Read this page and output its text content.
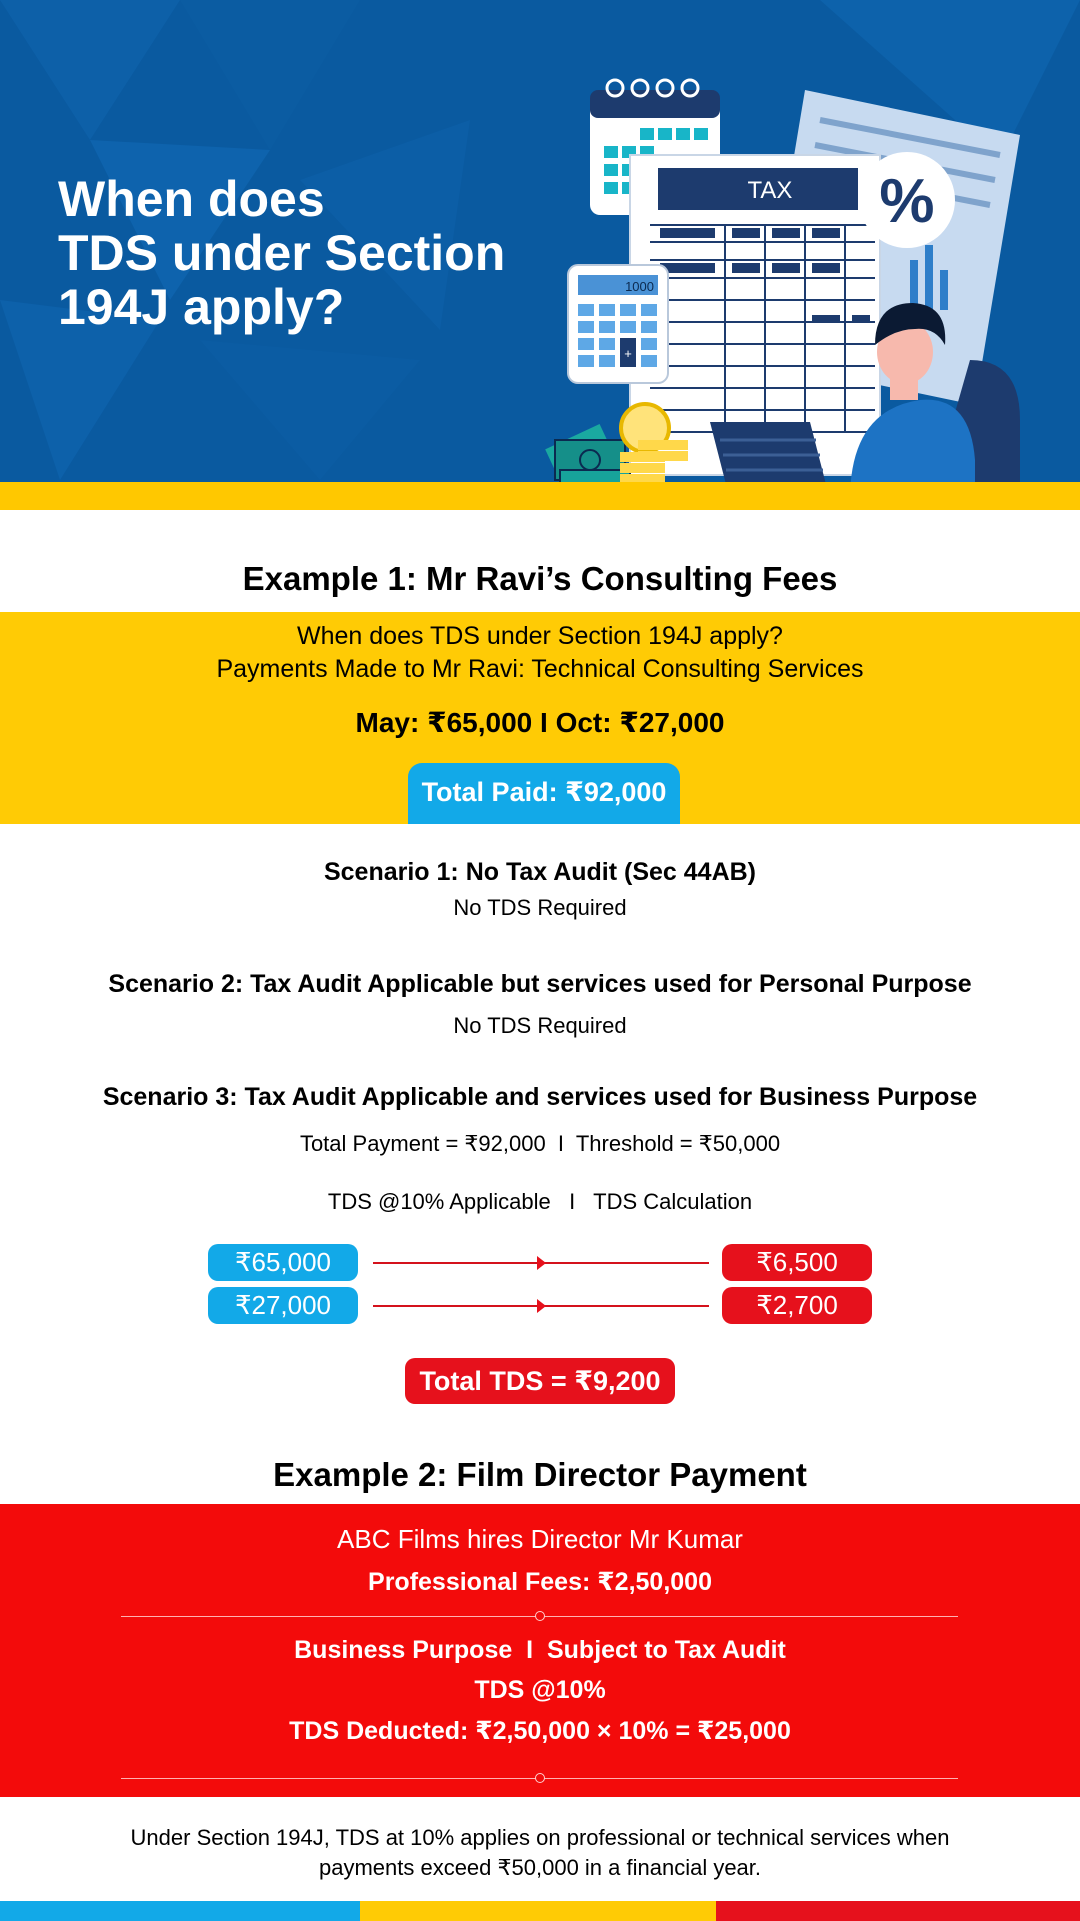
When does
TDS under Section
194J apply?
TAX %
1000
+
Example 1: Mr Ravi’s Consulting Fees
When does TDS under Section 194J apply?
Payments Made to Mr Ravi: Technical Consulting Services
May: ₹65,000 I Oct: ₹27,000
Total Paid: ₹92,000
Scenario 1: No Tax Audit (Sec 44AB)
No TDS Required
Scenario 2: Tax Audit Applicable but services used for Personal Purpose
No TDS Required
Scenario 3: Tax Audit Applicable and services used for Business Purpose
Total Payment = ₹92,000  I  Threshold = ₹50,000
TDS @10% Applicable   I   TDS Calculation
₹65,000	₹6,500
₹27,000	₹2,700
Total TDS = ₹9,200
Example 2: Film Director Payment
ABC Films hires Director Mr Kumar
Professional Fees: ₹2,50,000
Business Purpose  I  Subject to Tax Audit
TDS @10%
TDS Deducted: ₹2,50,000 × 10% = ₹25,000
Under Section 194J, TDS at 10% applies on professional or technical services when payments exceed ₹50,000 in a financial year.
